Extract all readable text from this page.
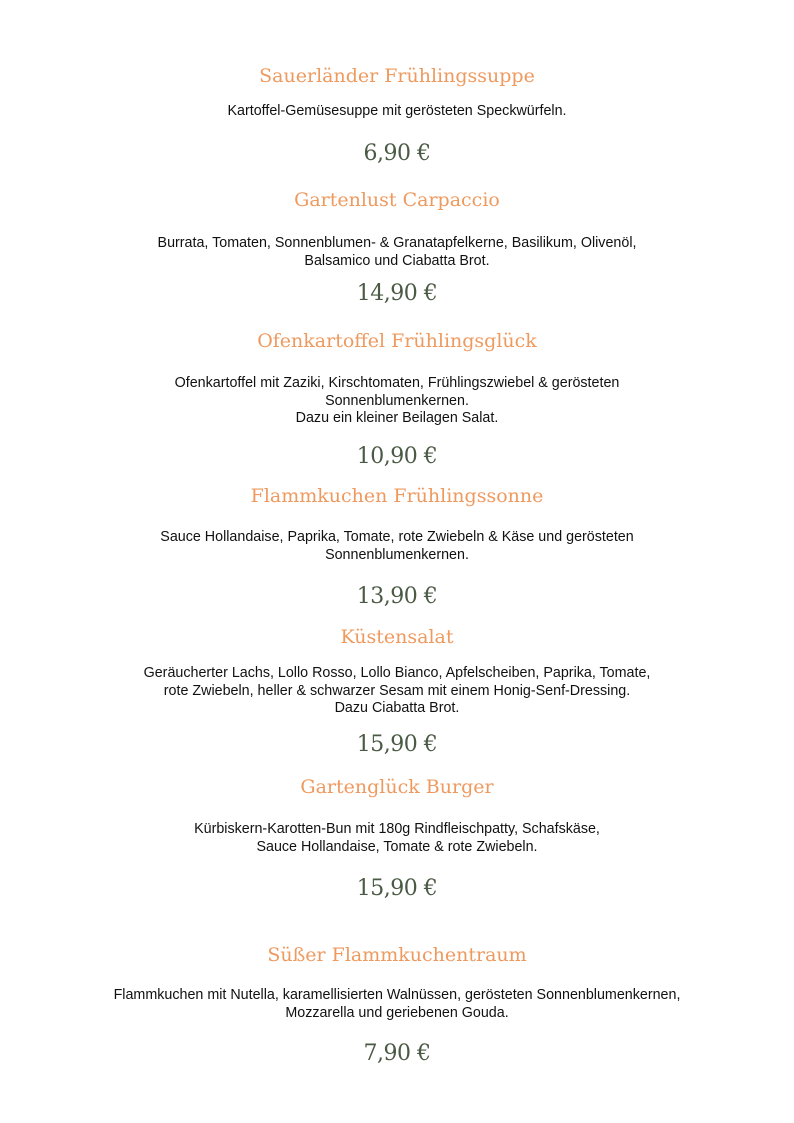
Sauerländer Frühlingssuppe
Kartoffel-Gemüsesuppe mit gerösteten Speckwürfeln.
6,90 €
Gartenlust Carpaccio
Burrata, Tomaten, Sonnenblumen- & Granatapfelkerne, Basilikum, Olivenöl,
Balsamico und Ciabatta Brot.
14,90 €
Ofenkartoffel Frühlingsglück
Ofenkartoffel mit Zaziki, Kirschtomaten, Frühlingszwiebel & gerösteten
Sonnenblumenkernen.
Dazu ein kleiner Beilagen Salat.
10,90 €
Flammkuchen Frühlingssonne
Sauce Hollandaise, Paprika, Tomate, rote Zwiebeln & Käse und gerösteten
Sonnenblumenkernen.
13,90 €
Küstensalat
Geräucherter Lachs, Lollo Rosso, Lollo Bianco, Apfelscheiben, Paprika, Tomate,
rote Zwiebeln, heller & schwarzer Sesam mit einem Honig-Senf-Dressing.
Dazu Ciabatta Brot.
15,90 €
Gartenglück Burger
Kürbiskern-Karotten-Bun mit 180g Rindfleischpatty, Schafskäse,
Sauce Hollandaise, Tomate & rote Zwiebeln.
15,90 €
Süßer Flammkuchentraum
Flammkuchen mit Nutella, karamellisierten Walnüssen, gerösteten Sonnenblumenkernen,
Mozzarella und geriebenen Gouda.
7,90 €
